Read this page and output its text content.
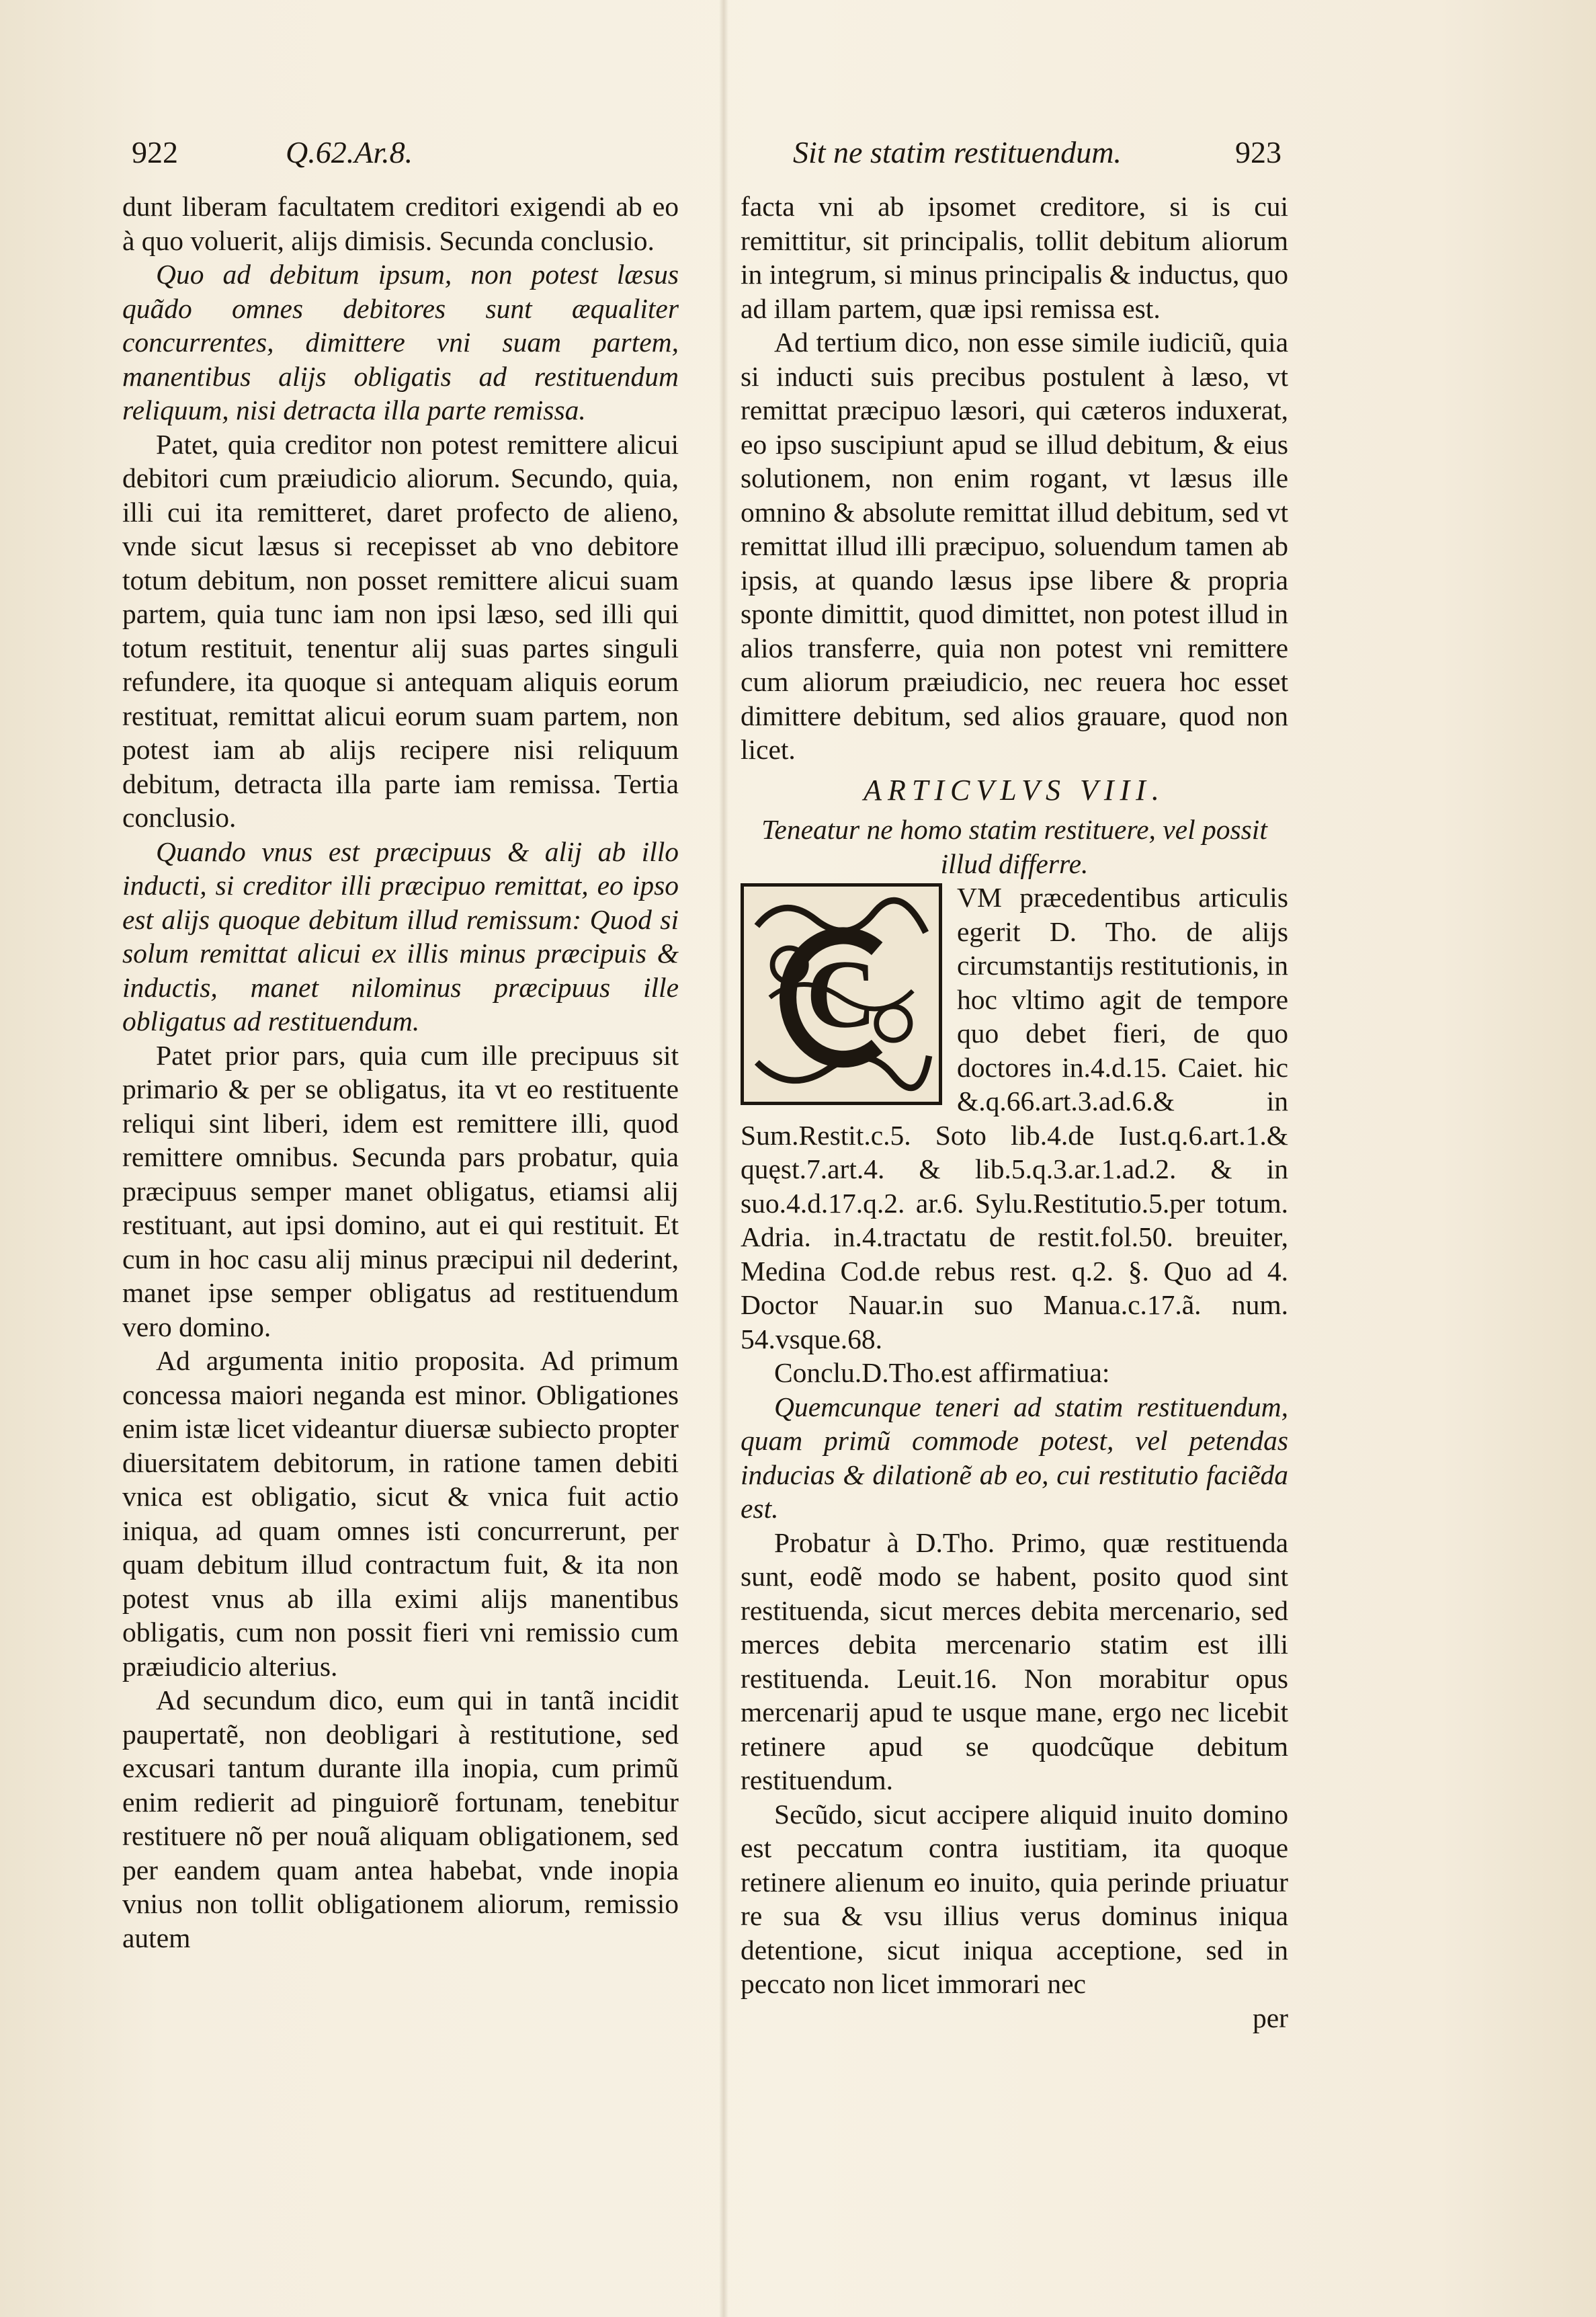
922	Q.62.Ar.8.	Sit ne statim restituendum.	923

dunt liberam facultatem creditori exigendi ab eo à quo voluerit, alijs dimisis. Secunda conclusio.

Quo ad debitum ipsum, non potest læsus quãdo omnes debitores sunt æqualiter concurrentes, dimittere vni suam partem, manentibus alijs obligatis ad restituendum reliquum, nisi detracta illa parte remissa.

Patet, quia creditor non potest remittere alicui debitori cum præiudicio aliorum. Secundo, quia, illi cui ita remitteret, daret profecto de alieno, vnde sicut læsus si recepisset ab vno debitore totum debitum, non posset remittere alicui suam partem, quia tunc iam non ipsi læso, sed illi qui totum restituit, tenentur alij suas partes singuli refundere, ita quoque si antequam aliquis eorum restituat, remittat alicui eorum suam partem, non potest iam ab alijs recipere nisi reliquum debitum, detracta illa parte iam remissa. Tertia conclusio.

Quando vnus est præcipuus & alij ab illo inducti, si creditor illi præcipuo remittat, eo ipso est alijs quoque debitum illud remissum: Quod si solum remittat alicui ex illis minus præcipuis & inductis, manet nilominus præcipuus ille obligatus ad restituendum.

Patet prior pars, quia cum ille precipuus sit primario & per se obligatus, ita vt eo restituente reliqui sint liberi, idem est remittere illi, quod remittere omnibus. Secunda pars probatur, quia præcipuus semper manet obligatus, etiamsi alij restituant, aut ipsi domino, aut ei qui restituit. Et cum in hoc casu alij minus præcipui nil dederint, manet ipse semper obligatus ad restituendum vero domino.

Ad argumenta initio proposita. Ad primum concessa maiori neganda est minor. Obligationes enim istæ licet videantur diuersæ subiecto propter diuersitatem debitorum, in ratione tamen debiti vnica est obligatio, sicut & vnica fuit actio iniqua, ad quam omnes isti concurrerunt, per quam debitum illud contractum fuit, & ita non potest vnus ab illa eximi alijs manentibus obligatis, cum non possit fieri vni remissio cum præiudicio alterius.

Ad secundum dico, eum qui in tantã incidit paupertatẽ, non deobligari à restitutione, sed excusari tantum durante illa inopia, cum primũ enim redierit ad pinguiorẽ fortunam, tenebitur restituere nõ per nouã aliquam obligationem, sed per eandem quam antea habebat, vnde inopia vnius non tollit obligationem aliorum, remissio autem

facta vni ab ipsomet creditore, si is cui remittitur, sit principalis, tollit debitum aliorum in integrum, si minus principalis & inductus, quo ad illam partem, quæ ipsi remissa est.

Ad tertium dico, non esse simile iudiciũ, quia si inducti suis precibus postulent à læso, vt remittat præcipuo læsori, qui cæteros induxerat, eo ipso suscipiunt apud se illud debitum, & eius solutionem, non enim rogant, vt læsus ille omnino & absolute remittat illud debitum, sed vt remittat illud illi præcipuo, soluendum tamen ab ipsis, at quando læsus ipse libere & propria sponte dimittit, quod dimittet, non potest illud in alios transferre, quia non potest vni remittere cum aliorum præiudicio, nec reuera hoc esset dimittere debitum, sed alios grauare, quod non licet.

ARTICVLVS VIII.

Teneatur ne homo statim restituere, vel possit illud differre.

C

VM præcedentibus articulis egerit D. Tho. de alijs circumstantijs restitutionis, in hoc vltimo agit de tempore quo debet fieri, de quo doctores in.4.d.15. Caiet. hic &.q.66.art.3.ad.6.& in Sum.Restit.c.5. Soto lib.4.de Iust.q.6.art.1.& quęst.7.art.4. & lib.5.q.3.ar.1.ad.2. & in suo.4.d.17.q.2. ar.6. Sylu.Restitutio.5.per totum. Adria. in.4.tractatu de restit.fol.50. breuiter, Medina Cod.de rebus rest. q.2. §. Quo ad 4. Doctor Nauar.in suo Manua.c.17.ã. num. 54.vsque.68.

Conclu.D.Tho.est affirmatiua:

Quemcunque teneri ad statim restituendum, quam primũ commode potest, vel petendas inducias & dilationẽ ab eo, cui restitutio faciẽda est.

Probatur à D.Tho. Primo, quæ restituenda sunt, eodẽ modo se habent, posito quod sint restituenda, sicut merces debita mercenario, sed merces debita mercenario statim est illi restituenda. Leuit.16. Non morabitur opus mercenarij apud te usque mane, ergo nec licebit retinere apud se quodcũque debitum restituendum.

Secũdo, sicut accipere aliquid inuito domino est peccatum contra iustitiam, ita quoque retinere alienum eo inuito, quia perinde priuatur re sua & vsu illius verus dominus iniqua detentione, sicut iniqua acceptione, sed in peccato non licet immorari nec

per
